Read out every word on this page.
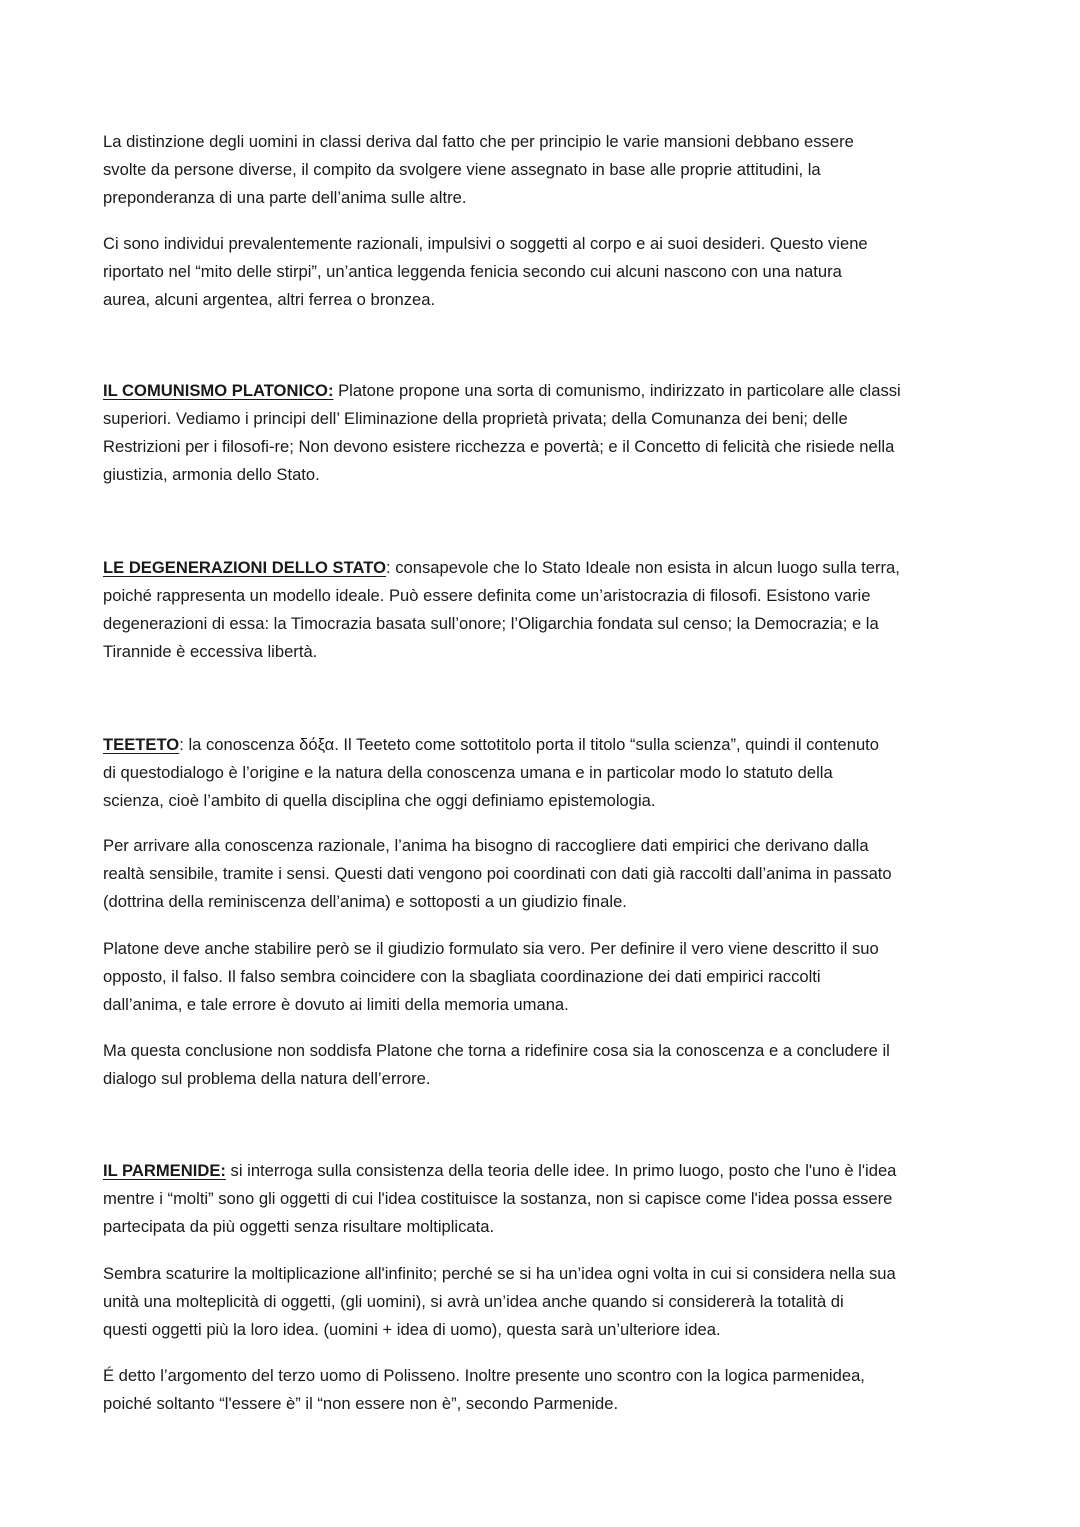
La distinzione degli uomini in classi deriva dal fatto che per principio le varie mansioni debbano essere
svolte da persone diverse, il compito da svolgere viene assegnato in base alle proprie attitudini, la
preponderanza di una parte dell’anima sulle altre.

Ci sono individui prevalentemente razionali, impulsivi o soggetti al corpo e ai suoi desideri. Questo viene
riportato nel “mito delle stirpi”, un’antica leggenda fenicia secondo cui alcuni nascono con una natura
aurea, alcuni argentea, altri ferrea o bronzea.

IL COMUNISMO PLATONICO: Platone propone una sorta di comunismo, indirizzato in particolare alle classi
superiori. Vediamo i principi dell’ Eliminazione della proprietà privata; della Comunanza dei beni; delle
Restrizioni per i filosofi-re; Non devono esistere ricchezza e povertà; e il Concetto di felicità che risiede nella
giustizia, armonia dello Stato.

LE DEGENERAZIONI DELLO STATO: consapevole che lo Stato Ideale non esista in alcun luogo sulla terra,
poiché rappresenta un modello ideale. Può essere definita come un’aristocrazia di filosofi. Esistono varie
degenerazioni di essa: la Timocrazia basata sull’onore; l’Oligarchia fondata sul censo; la Democrazia; e la
Tirannide è eccessiva libertà.

TEETETO: la conoscenza δόξα. Il Teeteto come sottotitolo porta il titolo “sulla scienza”, quindi il contenuto
di questodialogo è l’origine e la natura della conoscenza umana e in particolar modo lo statuto della
scienza, cioè l’ambito di quella disciplina che oggi definiamo epistemologia.

Per arrivare alla conoscenza razionale, l’anima ha bisogno di raccogliere dati empirici che derivano dalla
realtà sensibile, tramite i sensi. Questi dati vengono poi coordinati con dati già raccolti dall’anima in passato
(dottrina della reminiscenza dell’anima) e sottoposti a un giudizio finale.

Platone deve anche stabilire però se il giudizio formulato sia vero. Per definire il vero viene descritto il suo
opposto, il falso. Il falso sembra coincidere con la sbagliata coordinazione dei dati empirici raccolti
dall’anima, e tale errore è dovuto ai limiti della memoria umana.

Ma questa conclusione non soddisfa Platone che torna a ridefinire cosa sia la conoscenza e a concludere il
dialogo sul problema della natura dell’errore.

IL PARMENIDE: si interroga sulla consistenza della teoria delle idee. In primo luogo, posto che l'uno è l'idea
mentre i “molti” sono gli oggetti di cui l'idea costituisce la sostanza, non si capisce come l'idea possa essere
partecipata da più oggetti senza risultare moltiplicata.

Sembra scaturire la moltiplicazione all'infinito; perché se si ha un’idea ogni volta in cui si considera nella sua
unità una molteplicità di oggetti, (gli uomini), si avrà un’idea anche quando si considererà la totalità di
questi oggetti più la loro idea. (uomini + idea di uomo), questa sarà un’ulteriore idea.

É detto l’argomento del terzo uomo di Polisseno. Inoltre presente uno scontro con la logica parmenidea,
poiché soltanto “l'essere è” il “non essere non è”, secondo Parmenide.
